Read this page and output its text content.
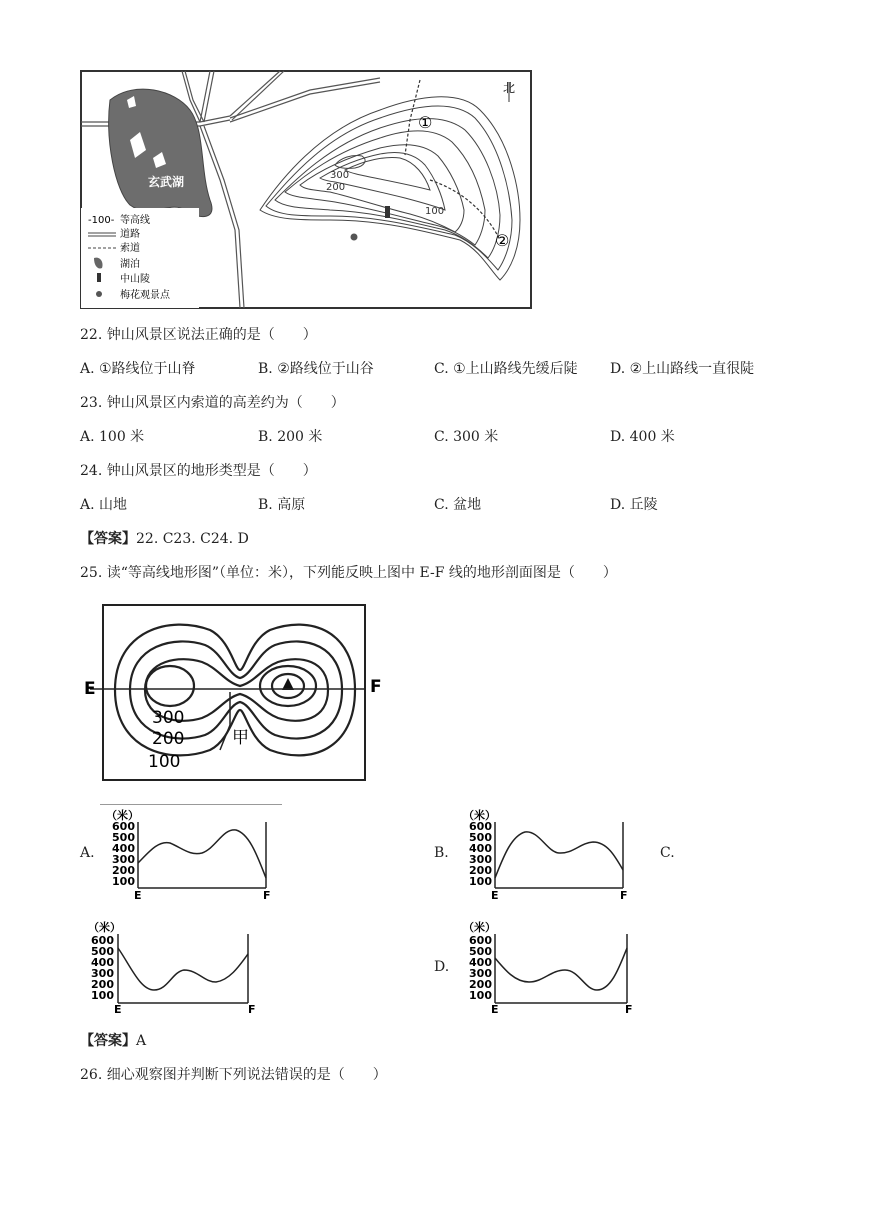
玄武湖	300
200
100
①
②
北
-100- 等高线
道路
索道
湖泊
中山陵
梅花观景点
22. 钟山风景区说法正确的是（　　）
A. ①路线位于山脊	B. ②路线位于山谷	C. ①上山路线先缓后陡 D. ②上山路线一直很陡
23. 钟山风景区内索道的高差约为（　　）
A. 100 米	B. 200 米	C. 300 米	D. 400 米
24. 钟山风景区的地形类型是（　　）
A. 山地	B. 高原	C. 盆地	D. 丘陵
【答案】22. C23. C24. D
25. 读“等高线地形图”（单位：米），下列能反映上图中 E-F 线的地形剖面图是（　　）
E	F
300
200
100
甲
A.	B.	C.
D.
（米）
600
500
400
300
200
100
E	F
（米）
600
500
400
300
200
100
E	F
（米）
600
500
400
300
200
100
E	F
（米）
600
500
400
300
200
100
E	F
【答案】A
26. 细心观察图并判断下列说法错误的是（　　）
